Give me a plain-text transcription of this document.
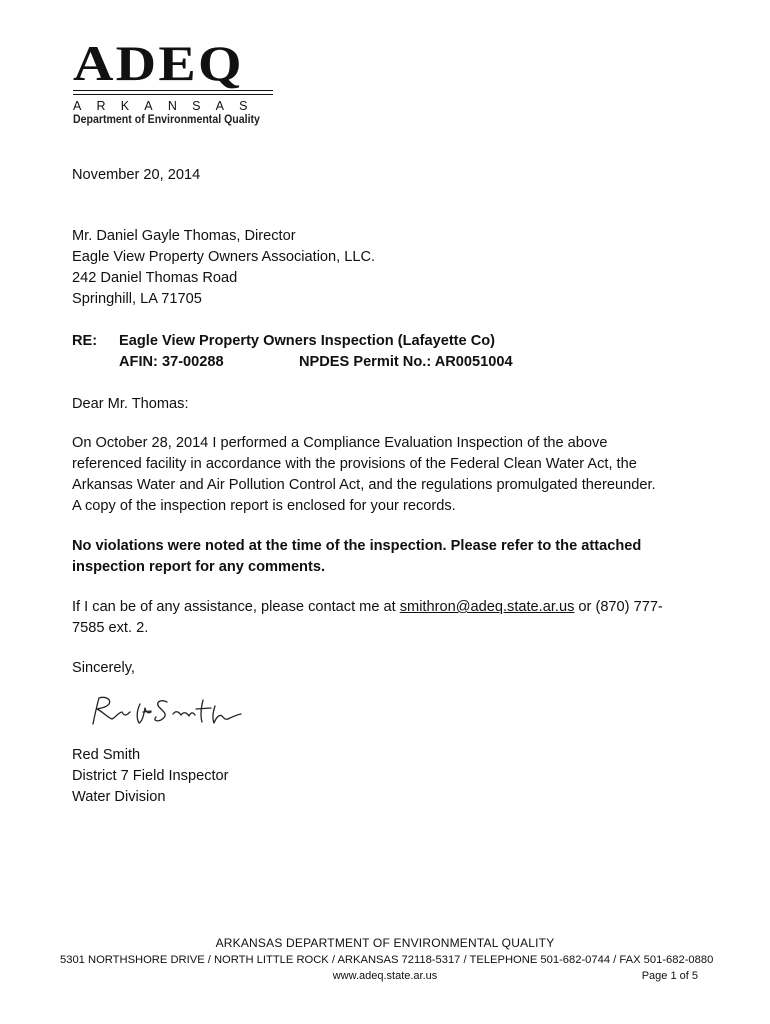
ADEQ
ARKANSAS
Department of Environmental Quality
November 20, 2014
Mr. Daniel Gayle Thomas, Director
Eagle View Property Owners Association, LLC.
242 Daniel Thomas Road
Springhill, LA 71705
RE: Eagle View Property Owners Inspection (Lafayette Co)
AFIN: 37-00288	NPDES Permit No.: AR0051004
Dear Mr. Thomas:
On October 28, 2014 I performed a Compliance Evaluation Inspection of the above
referenced facility in accordance with the provisions of the Federal Clean Water Act, the
Arkansas Water and Air Pollution Control Act, and the regulations promulgated thereunder.
A copy of the inspection report is enclosed for your records.
No violations were noted at the time of the inspection. Please refer to the attached
inspection report for any comments.
If I can be of any assistance, please contact me at smithron@adeq.state.ar.us or (870) 777-
7585 ext. 2.
Sincerely,
Red Smith
District 7 Field Inspector
Water Division
ARKANSAS DEPARTMENT OF ENVIRONMENTAL QUALITY
5301 NORTHSHORE DRIVE / NORTH LITTLE ROCK / ARKANSAS 72118-5317 / TELEPHONE 501-682-0744 / FAX 501-682-0880
www.adeq.state.ar.us	Page 1 of 5
